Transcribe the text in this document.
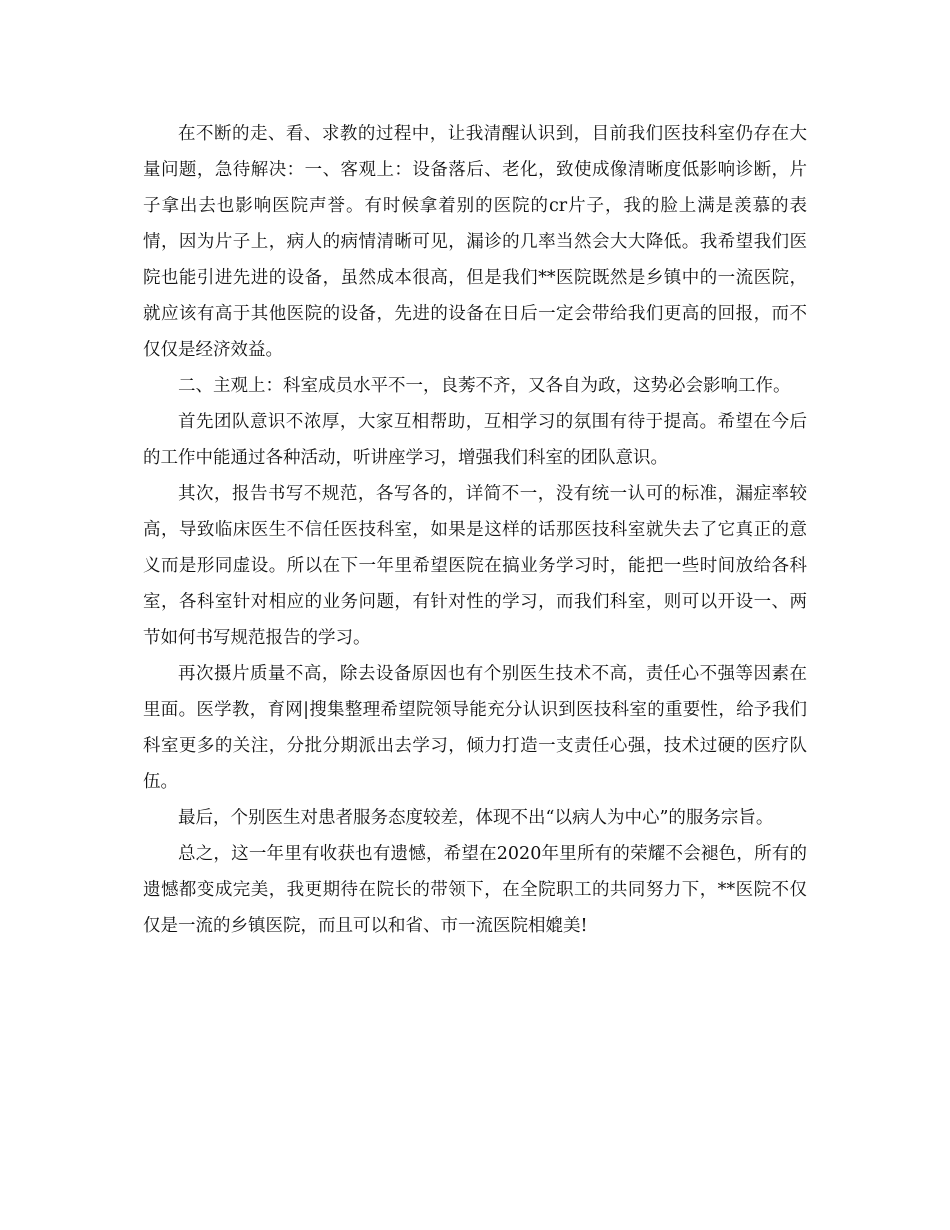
在不断的走、看、求教的过程中，让我清醒认识到，目前我们医技科室仍存在大量问题，急待解决：一、客观上：设备落后、老化，致使成像清晰度低影响诊断，片子拿出去也影响医院声誉。有时候拿着别的医院的cr片子，我的脸上满是羡慕的表情，因为片子上，病人的病情清晰可见，漏诊的几率当然会大大降低。我希望我们医院也能引进先进的设备，虽然成本很高，但是我们**医院既然是乡镇中的一流医院，就应该有高于其他医院的设备，先进的设备在日后一定会带给我们更高的回报，而不仅仅是经济效益。

二、主观上：科室成员水平不一，良莠不齐，又各自为政，这势必会影响工作。

首先团队意识不浓厚，大家互相帮助，互相学习的氛围有待于提高。希望在今后的工作中能通过各种活动，听讲座学习，增强我们科室的团队意识。

其次，报告书写不规范，各写各的，详简不一，没有统一认可的标准，漏症率较高，导致临床医生不信任医技科室，如果是这样的话那医技科室就失去了它真正的意义而是形同虚设。所以在下一年里希望医院在搞业务学习时，能把一些时间放给各科室，各科室针对相应的业务问题，有针对性的学习，而我们科室，则可以开设一、两节如何书写规范报告的学习。

再次摄片质量不高，除去设备原因也有个别医生技术不高，责任心不强等因素在里面。医学教，育网|搜集整理希望院领导能充分认识到医技科室的重要性，给予我们科室更多的关注，分批分期派出去学习，倾力打造一支责任心强，技术过硬的医疗队伍。

最后，个别医生对患者服务态度较差，体现不出“以病人为中心”的服务宗旨。

总之，这一年里有收获也有遗憾，希望在2020年里所有的荣耀不会褪色，所有的遗憾都变成完美，我更期待在院长的带领下，在全院职工的共同努力下，**医院不仅仅是一流的乡镇医院，而且可以和省、市一流医院相媲美!
